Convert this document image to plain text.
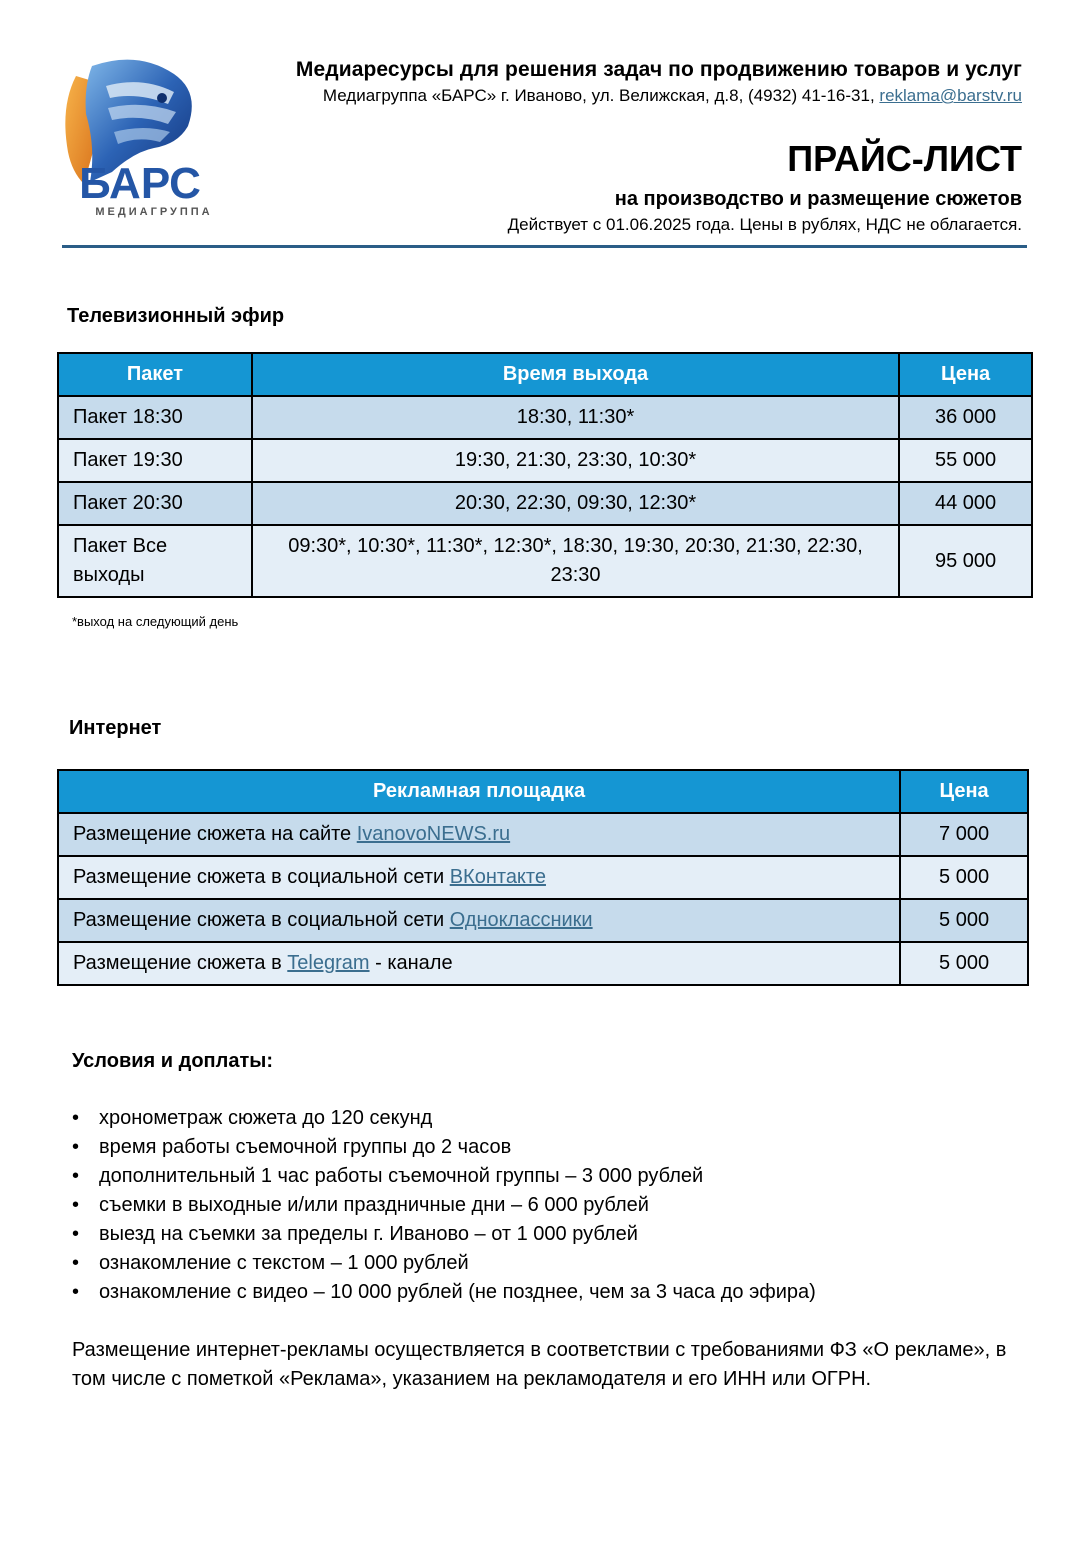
БАРС
МЕДИАГРУППА
Медиаресурсы для решения задач по продвижению товаров и услуг
Медиагруппа «БАРС» г. Иваново, ул. Велижская, д.8, (4932) 41-16-31, reklama@barstv.ru
ПРАЙС-ЛИСТ
на производство и размещение сюжетов
Действует с 01.06.2025 года. Цены в рублях, НДС не облагается.
Телевизионный эфир
Пакет	Время выхода	Цена
Пакет 18:30	18:30, 11:30*	36 000
Пакет 19:30	19:30, 21:30, 23:30, 10:30*	55 000
Пакет 20:30	20:30, 22:30, 09:30, 12:30*	44 000
Пакет Все выходы	09:30*, 10:30*, 11:30*, 12:30*, 18:30, 19:30, 20:30, 21:30, 22:30, 23:30	95 000
*выход на следующий день
Интернет
Рекламная площадка	Цена
Размещение сюжета на сайте IvanovoNEWS.ru	7 000
Размещение сюжета в социальной сети ВКонтакте	5 000
Размещение сюжета в социальной сети Одноклассники	5 000
Размещение сюжета в Telegram - канале	5 000
Условия и доплаты:
• хронометраж сюжета до 120 секунд
• время работы съемочной группы до 2 часов
• дополнительный 1 час работы съемочной группы – 3 000 рублей
• съемки в выходные и/или праздничные дни – 6 000 рублей
• выезд на съемки за пределы г. Иваново – от 1 000 рублей
• ознакомление с текстом – 1 000 рублей
• ознакомление с видео – 10 000 рублей (не позднее, чем за 3 часа до эфира)
Размещение интернет-рекламы осуществляется в соответствии с требованиями ФЗ «О рекламе», в том числе с пометкой «Реклама», указанием на рекламодателя и его ИНН или ОГРН.
